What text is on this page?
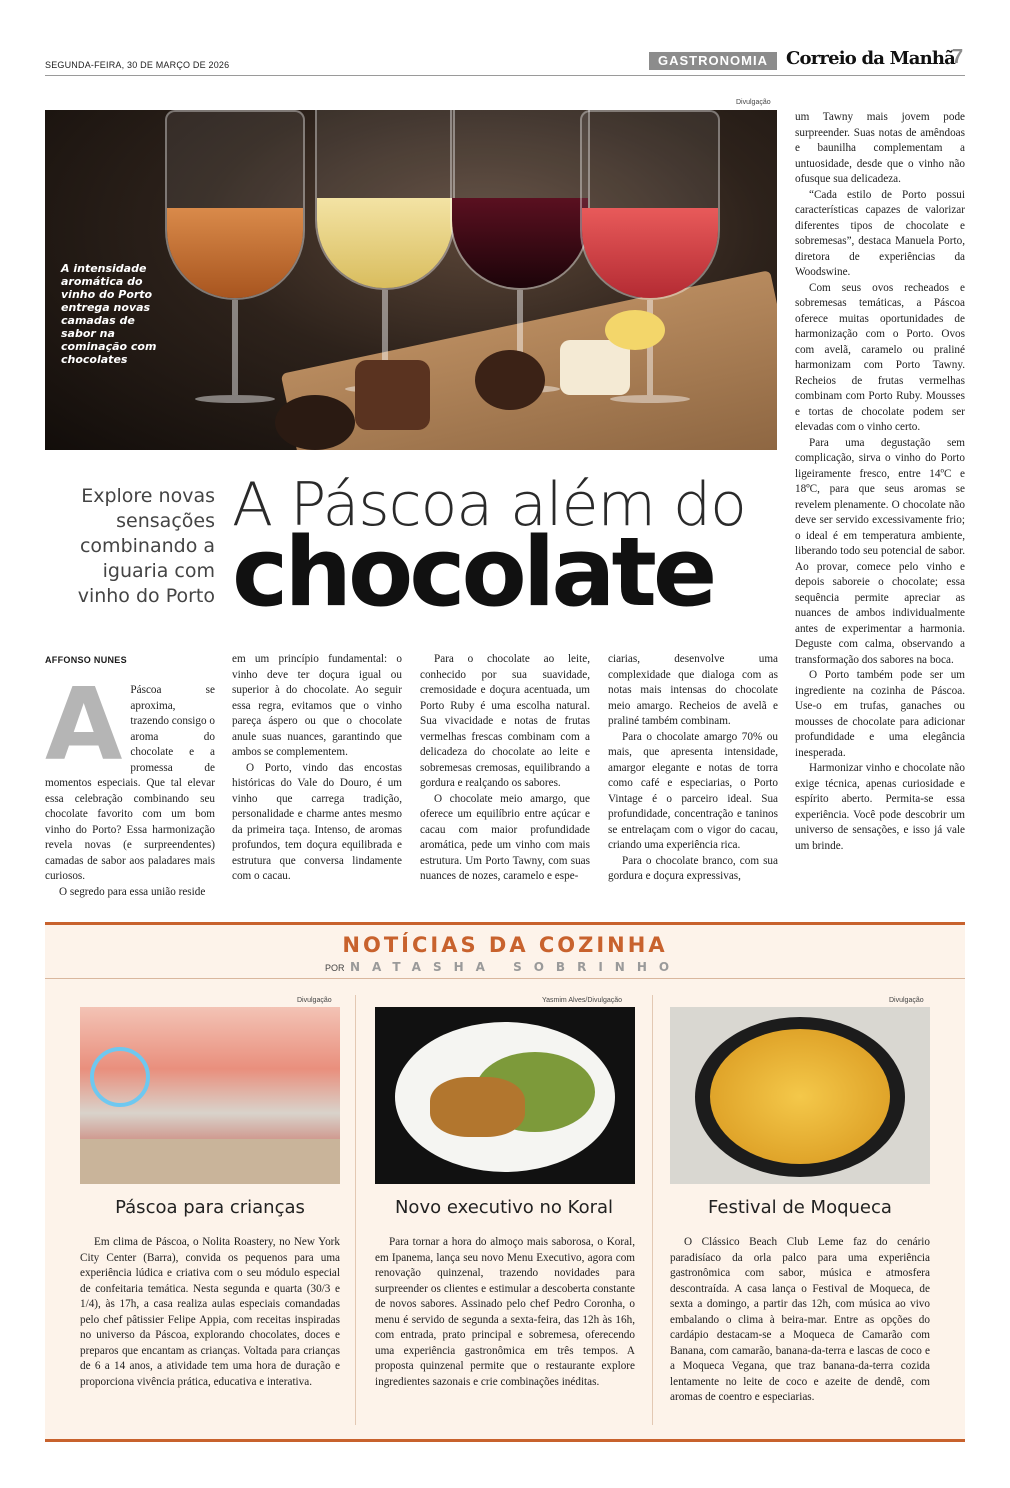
SEGUNDA-FEIRA, 30 DE MARÇO DE 2026	GASTRONOMIA	Correio da Manhã
7
Divulgação
A intensidade aromática do vinho do Porto entrega novas camadas de sabor na cominação com chocolates
Explore novas sensações combinando a iguaria com vinho do Porto
A Páscoa além do
chocolate
AFFONSO NUNES
A Páscoa se aproxima, trazendo consigo o aroma do chocolate e a promessa de momentos especiais. Que tal elevar essa celebração combinando seu chocolate favorito com um bom vinho do Porto? Essa harmonização revela novas (e surpreendentes) camadas de sabor aos paladares mais curiosos.

O segredo para essa união reside

em um princípio fundamental: o vinho deve ter doçura igual ou superior à do chocolate. Ao seguir essa regra, evitamos que o vinho pareça áspero ou que o chocolate anule suas nuances, garantindo que ambos se complementem.

O Porto, vindo das encostas históricas do Vale do Douro, é um vinho que carrega tradição, personalidade e charme antes mesmo da primeira taça. Intenso, de aromas profundos, tem doçura equilibrada e estrutura que conversa lindamente com o cacau.

Para o chocolate ao leite, conhecido por sua suavidade, cremosidade e doçura acentuada, um Porto Ruby é uma escolha natural. Sua vivacidade e notas de frutas vermelhas frescas combinam com a delicadeza do chocolate ao leite e sobremesas cremosas, equilibrando a gordura e realçando os sabores.

O chocolate meio amargo, que oferece um equilíbrio entre açúcar e cacau com maior profundidade aromática, pede um vinho com mais estrutura. Um Porto Tawny, com suas nuances de nozes, caramelo e espe-

ciarias, desenvolve uma complexidade que dialoga com as notas mais intensas do chocolate meio amargo. Recheios de avelã e praliné também combinam.

Para o chocolate amargo 70% ou mais, que apresenta intensidade, amargor elegante e notas de torra como café e especiarias, o Porto Vintage é o parceiro ideal. Sua profundidade, concentração e taninos se entrelaçam com o vigor do cacau, criando uma experiência rica.

Para o chocolate branco, com sua gordura e doçura expressivas,

um Tawny mais jovem pode surpreender. Suas notas de amêndoas e baunilha complementam a untuosidade, desde que o vinho não ofusque sua delicadeza.

“Cada estilo de Porto possui características capazes de valorizar diferentes tipos de chocolate e sobremesas”, destaca Manuela Porto, diretora de experiências da Woodswine.

Com seus ovos recheados e sobremesas temáticas, a Páscoa oferece muitas oportunidades de harmonização com o Porto. Ovos com avelã, caramelo ou praliné harmonizam com Porto Tawny. Recheios de frutas vermelhas combinam com Porto Ruby. Mousses e tortas de chocolate podem ser elevadas com o vinho certo.

Para uma degustação sem complicação, sirva o vinho do Porto ligeiramente fresco, entre 14ºC e 18ºC, para que seus aromas se revelem plenamente. O chocolate não deve ser servido excessivamente frio; o ideal é em temperatura ambiente, liberando todo seu potencial de sabor. Ao provar, comece pelo vinho e depois saboreie o chocolate; essa sequência permite apreciar as nuances de ambos individualmente antes de experimentar a harmonia. Deguste com calma, observando a transformação dos sabores na boca.

O Porto também pode ser um ingrediente na cozinha de Páscoa. Use-o em trufas, ganaches ou mousses de chocolate para adicionar profundidade e uma elegância inesperada.

Harmonizar vinho e chocolate não exige técnica, apenas curiosidade e espírito aberto. Permita-se essa experiência. Você pode descobrir um universo de sensações, e isso já vale um brinde.

NOTÍCIAS DA COZINHA
POR NATASHA SOBRINHO
Divulgação
Páscoa para crianças

Em clima de Páscoa, o Nolita Roastery, no New York City Center (Barra), convida os pequenos para uma experiência lúdica e criativa com o seu módulo especial de confeitaria temática. Nesta segunda e quarta (30/3 e 1/4), às 17h, a casa realiza aulas especiais comandadas pelo chef pâtissier Felipe Appia, com receitas inspiradas no universo da Páscoa, explorando chocolates, doces e preparos que encantam as crianças. Voltada para crianças de 6 a 14 anos, a atividade tem uma hora de duração e proporciona vivência prática, educativa e interativa.

Yasmim Alves/Divulgação
Novo executivo no Koral

Para tornar a hora do almoço mais saborosa, o Koral, em Ipanema, lança seu novo Menu Executivo, agora com renovação quinzenal, trazendo novidades para surpreender os clientes e estimular a descoberta constante de novos sabores. Assinado pelo chef Pedro Coronha, o menu é servido de segunda a sexta-feira, das 12h às 16h, com entrada, prato principal e sobremesa, oferecendo uma experiência gastronômica em três tempos. A proposta quinzenal permite que o restaurante explore ingredientes sazonais e crie combinações inéditas.

Divulgação
Festival de Moqueca

O Clássico Beach Club Leme faz do cenário paradisíaco da orla palco para uma experiência gastronômica com sabor, música e atmosfera descontraída. A casa lança o Festival de Moqueca, de sexta a domingo, a partir das 12h, com música ao vivo embalando o clima à beira-mar. Entre as opções do cardápio destacam-se a Moqueca de Camarão com Banana, com camarão, banana-da-terra e lascas de coco e a Moqueca Vegana, que traz banana-da-terra cozida lentamente no leite de coco e azeite de dendê, com aromas de coentro e especiarias.
